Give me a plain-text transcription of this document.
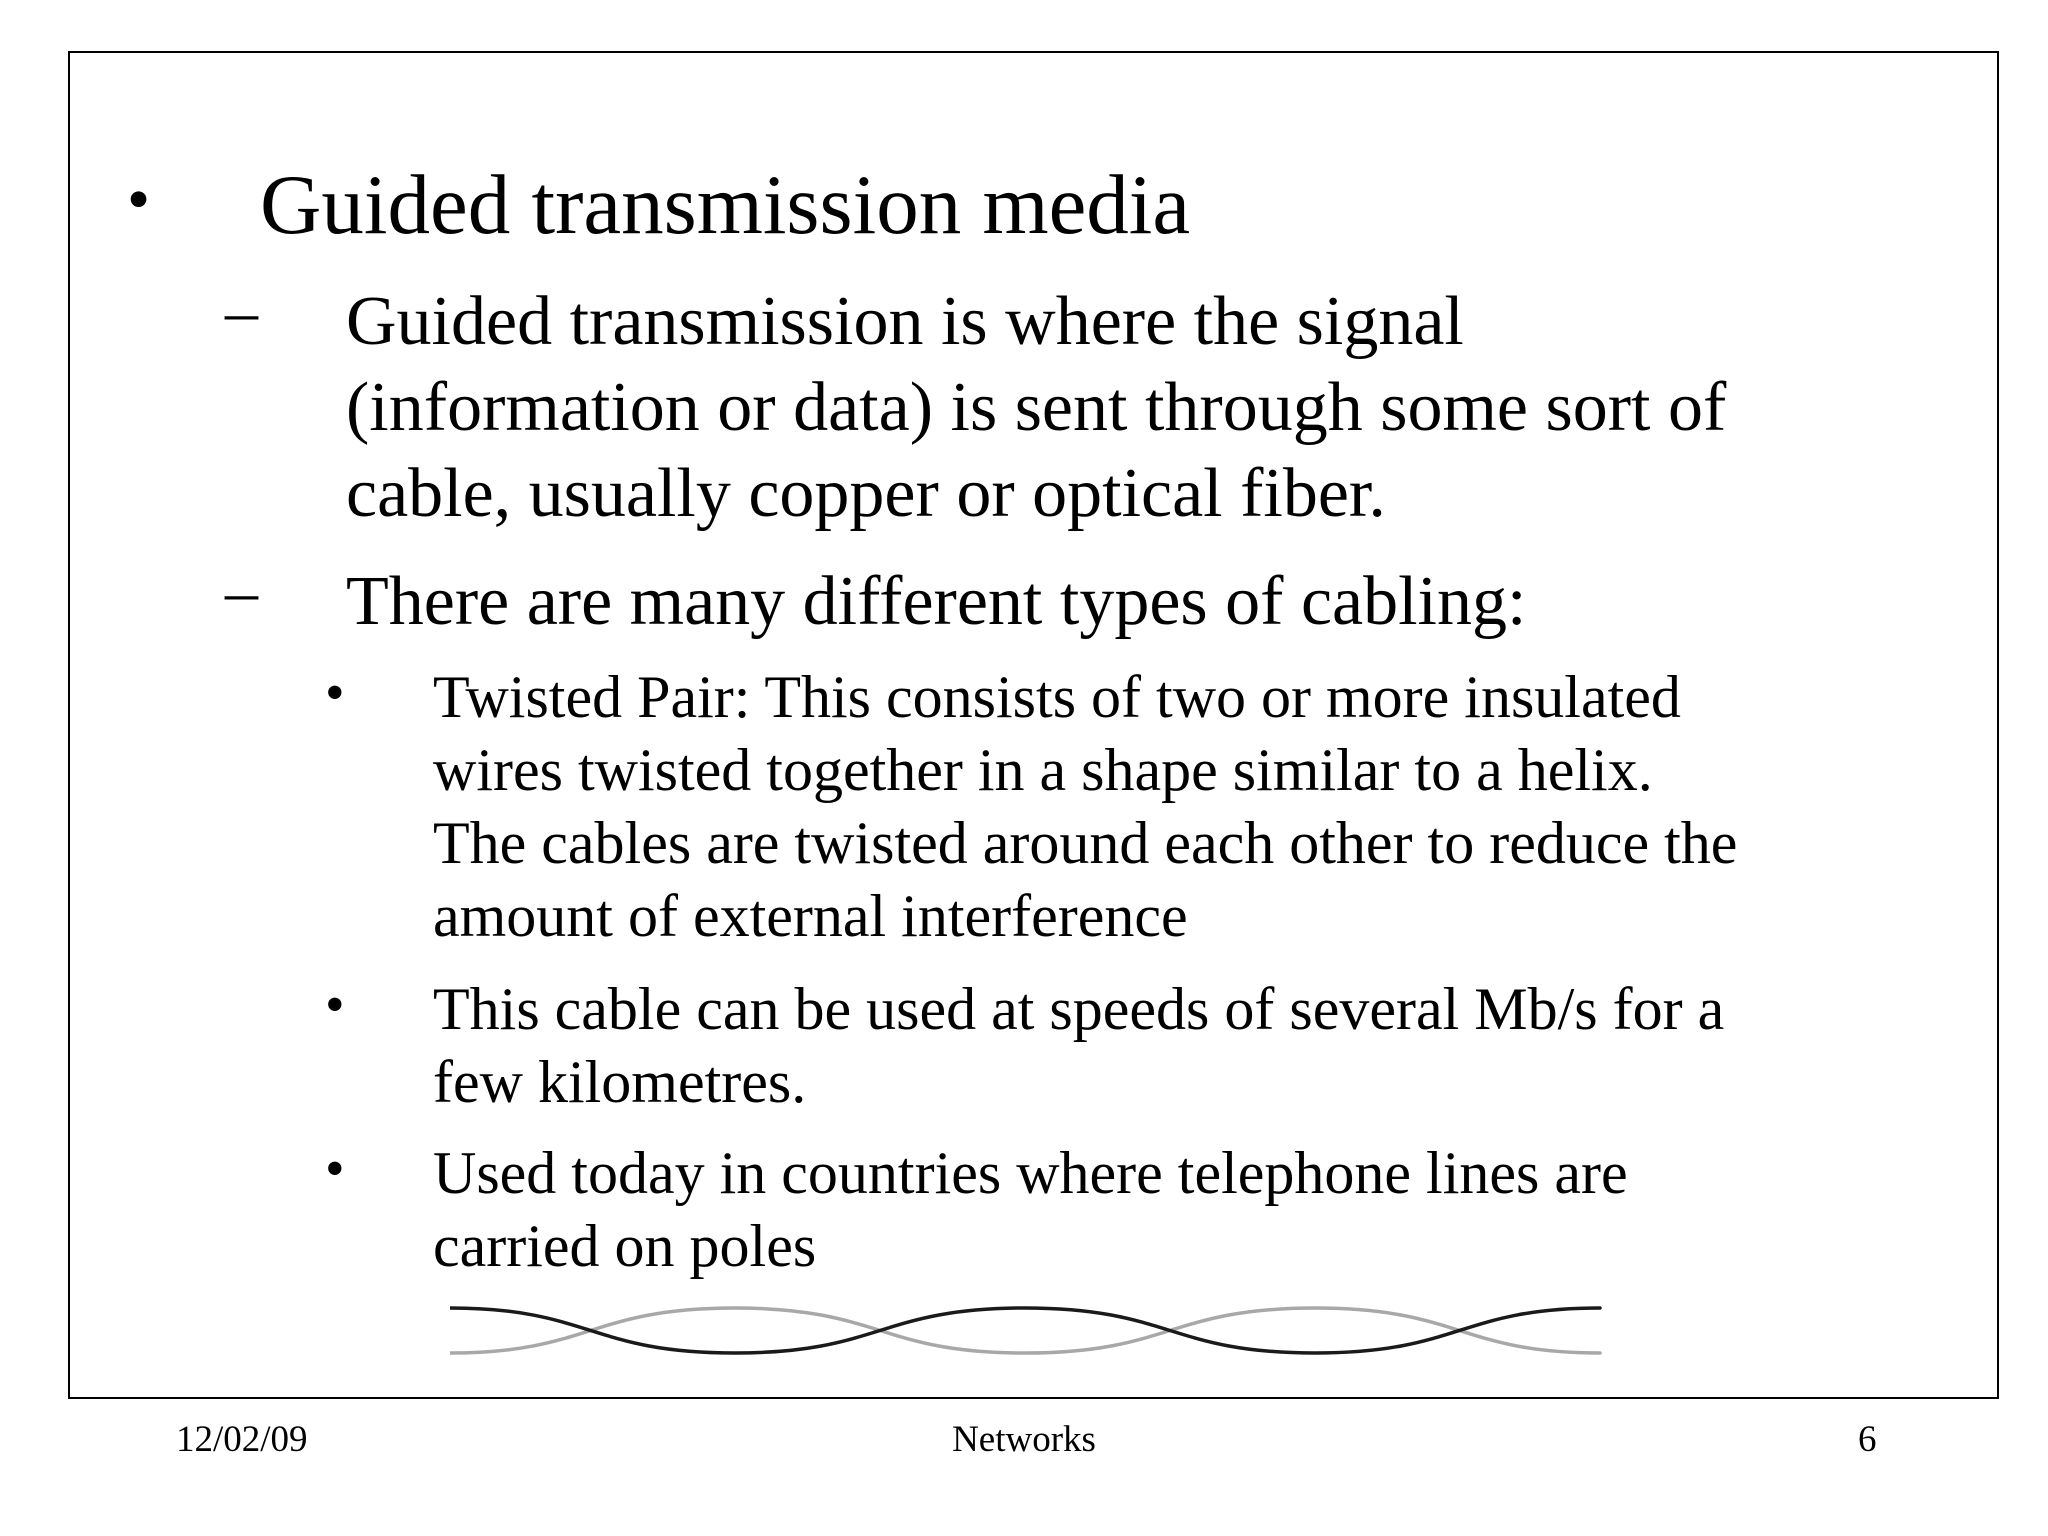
• Guided transmission media
– Guided transmission is where the signal
(information or data) is sent through some sort of
cable, usually copper or optical fiber.
– There are many different types of cabling:
• Twisted Pair: This consists of two or more insulated
wires twisted together in a shape similar to a helix.
The cables are twisted around each other to reduce the
amount of external interference
• This cable can be used at speeds of several Mb/s for a
few kilometres.
• Used today in countries where telephone lines are
carried on poles
12/02/09	Networks	6
